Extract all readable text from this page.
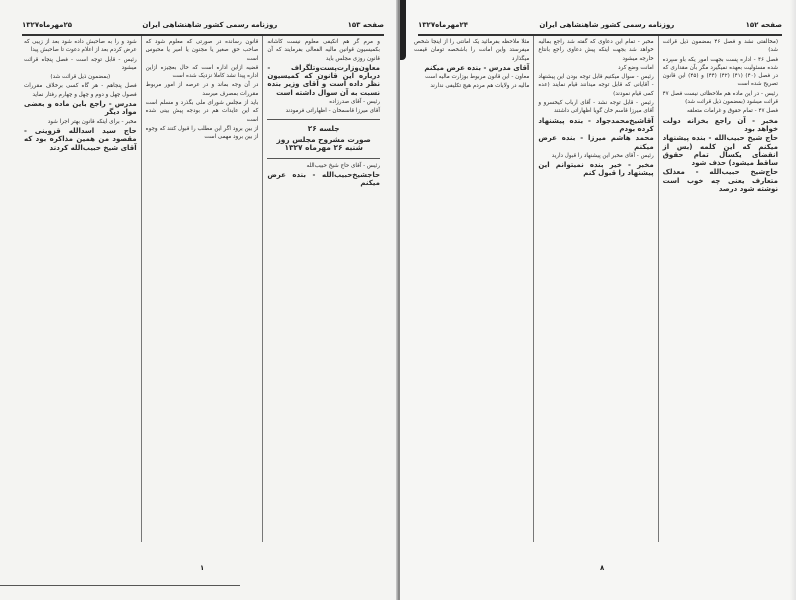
صفحه ۱۵۳
روزنامه رسمی کشور شاهنشاهی ایران
۲۵مهرماه۱۳۲۷

و مرم گر هم انکیفی معلوم نیست کاشانه بکمیسیون قوانین مالیه الفعالی بفرمایند که آن قانون روزی مجلس باید

معاون‌وزارت‌پست‌وتلگراف - درباره این قانون که کمیسیون نظر داده است و آقای وزیر بنده نسبت به آن سوال داشته است

رئیس - آقای صدرزاده

آقای میرزا قاسمخان - اظهاراتی فرمودند

جلسه ۲۶
صورت مشروح مجلس روز شنبه ۲۶ مهرماه ۱۳۲۷

رئیس - آقای حاج شیخ حبیب‌الله

حاجشیخ‌حبیب‌الله - بنده عرض میکنم

قانون رسانده در صورتی که معلوم شود که صاحب حق صغیر یا مجنون یا امیر یا محبوس است

قضیه ازاین اداره است که حال بعچیزه ازاین اداره پیدا نشد کاملا نزدیک شده است

در آن وجه بماند و در عرصه از امور مربوط مقررات بمصرف میرسد

باید از مجلس شورای ملی بگذرد و مسلم است که این عایدات هم در بودجه پیش بینی شده است

از بین برود اگر این مطلب را قبول کنند که وجوه از بین برود مهمی است

شود و را به صاحبش داده شود بعد از زیبی که عرض کردم بعد از اعلام دعوت تا صاحبش پیدا

رئیس - قابل توجه است - فصل پنجاه قرائت میشود

(بمضمون ذیل قرائت شد)

فصل پنجاهم - هر گاه کسی برخلاف مقررات فصول چهل و دوم و چهل و چهارم رفتار نماید

مدرس - راجع باین ماده و بعضی مواد دیگر

مخبر - برای اینکه قانون بهتر اجرا شود

حاج سید اسدالله قزوینی - مقصود من همین مذاکره بود که آقای شیخ حبیب‌الله کردند

۱
صفحه ۱۵۲
روزنامه رسمی کشور شاهنشاهی ایران
۲۴مهرماه۱۳۲۷

(مخالفتی نشد و فصل ۴۶ بمضمون ذیل قرائت شد)

فصل ۴۶ - اداره پست بجهت امور یکه باو سپرده شده مسئولیت بعهده نمیگیرد مگر بآن مقداری که در فصل (۴۰) (۴۱) (۴۲) (۴۴) و (۴۵) این قانون تصریح شده است

رئیس - در این ماده هم ملاحظاتی نیست فصل ۴۷ قرائت میشود (بمضمون ذیل قرائت شد)

فصل ۴۷ - تمام حقوق و غرامات متعلقه

مخبر - آن راجع بخزانه دولت خواهد بود

حاج شیخ حبیب‌الله - بنده پیشنهاد میکنم که این کلمه (بس از انقضای یکسال تمام حقوق ساقط میشود) حذف شود

حاج‌شیخ حبیب‌الله - معذلک متعارف یعنی چه خوب است نوشته شود درصد

مخبر - تمام این دعاوی که گفته شد راجع بمالیه خواهد شد بجهت اینکه پیش دعاوی راجع بانتاع خارجه میشود

امانت وضع کرد

رئیس - سوال میکنیم قابل توجه بودن این پیشنهاد - آقایانی که قابل توجه میدانند قیام نمایند (عده کمی قیام نمودند)

رئیس - قابل توجه نشد - آقای ارباب کیخسرو و آقای میرزا قاسم خان گویا اظهاراتی داشتند

آقاشیخ‌محمدجواد - بنده پیشنهاد کرده بودم

محمد هاشم میرزا - بنده عرض میکنم

رئیس - آقای مخبر این پیشنهاد را قبول دارید

مخبر - خیر بنده نمیتوانم این پیشنهاد را قبول کنم

مثلا ملاحظه بفرمائید یک امانتی را از اینجا شخص میفرستد واین امانت را باشخصه تومان قیمت میگذارد

آقای مدرس - بنده عرض میکنم

معاون - این قانون مربوط بوزارت مالیه است

مالیه در ولایات هم مردم هیچ تکلیفی ندارند

۸
